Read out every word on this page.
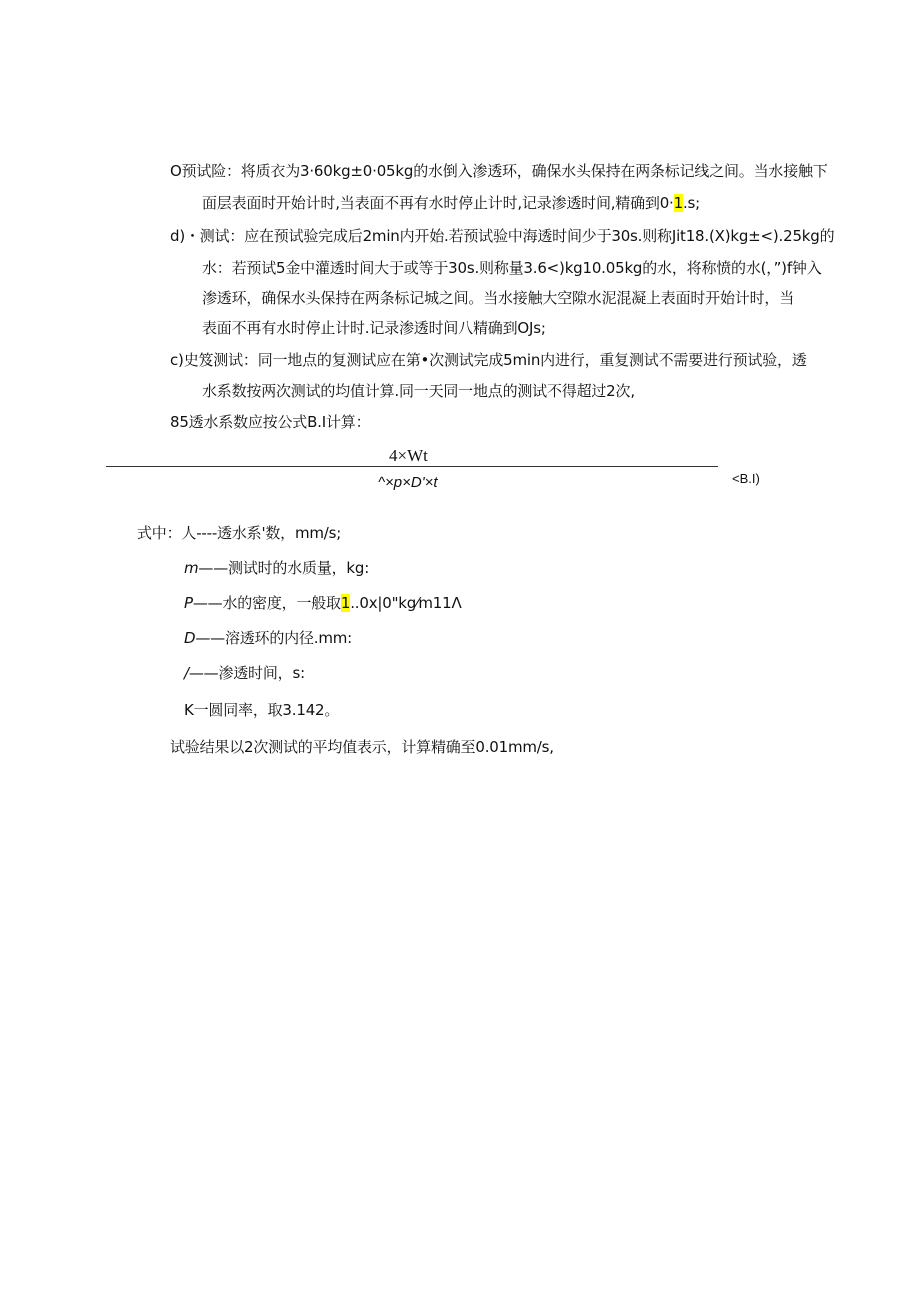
O预试险：将质衣为3·60kg±0·05kg的水倒入渗透环，确保水头保持在两条标记线之间。当水接触下
面层表面时开始计时,当表面不再有水时停止计时,记录渗透时间,精确到0·1.s;
d)・测试：应在预试验完成后2min内开始.若预试验中海透时间少于30s.则称Jit18.(X)kg±<).25kg的
水：若预试5金中灌透时间大于或等于30s.则称量3.6<)kg10.05kg的水，将称愤的水(，”)f钟入
渗透环，确保水头保持在两条标记城之间。当水接触大空隙水泥混凝上表面时开始计时，当
表面不再有水时停止计时.记录渗透时间八精确到OJs;
c)史笈测试：同一地点的复测试应在第•次测试完成5min内进行，重复测试不需要进行预试验，透
水系数按两次测试的均值计算.同一天同一地点的测试不得超过2次,
85透水系数应按公式B.I计算：
4×Wt
^×p×D'×t	<B.I)
式中：人----透水系'数，mm/s;
m——测试时的水质量，kg:
P——水的密度，一般取1..0x|0"kg⁄m11Λ
D——溶透环的内径.mm:
/——渗透时间，s:
K一圆同率，取3.142。
试验结果以2次测试的平均值表示，计算精确至0.01mm/s,
